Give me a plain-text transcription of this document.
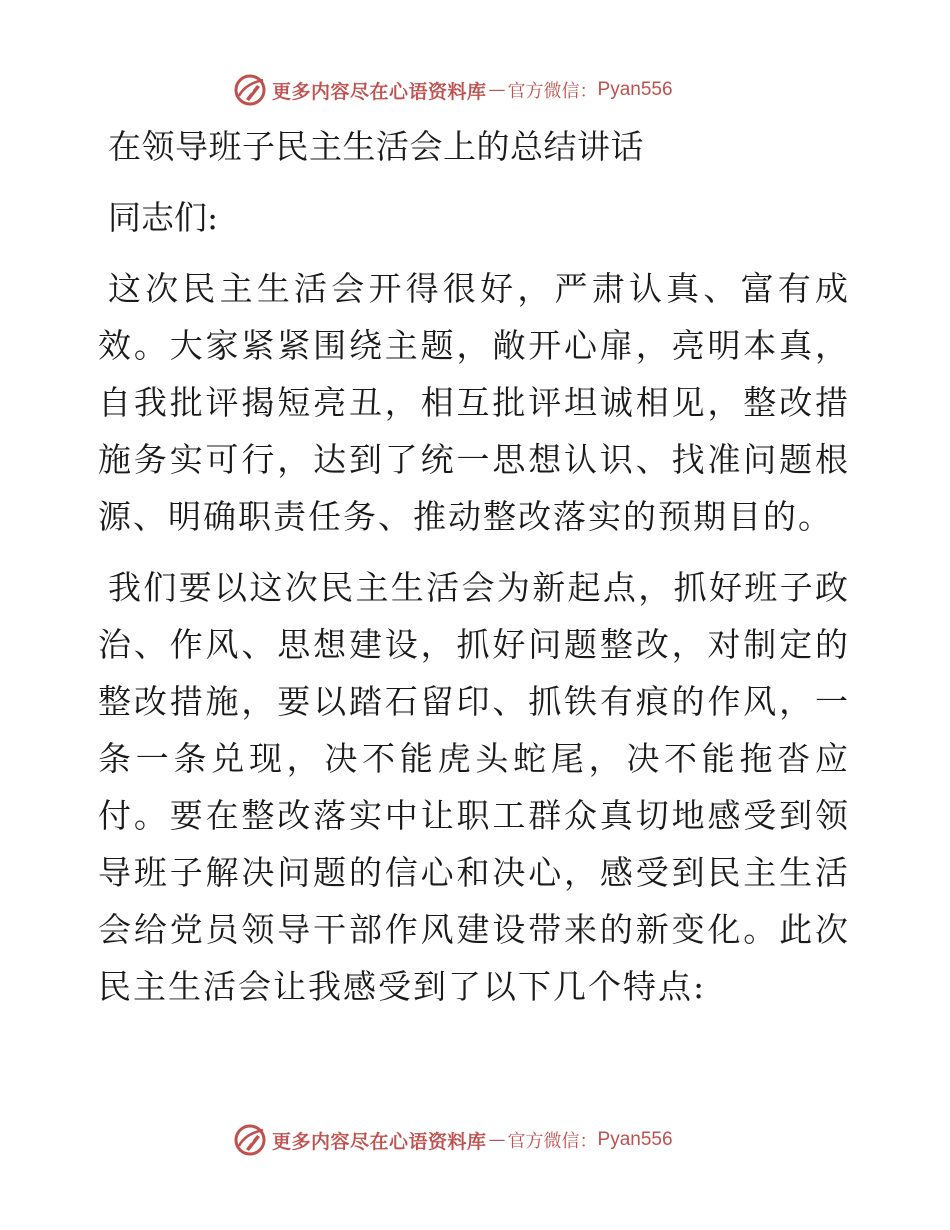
更多内容尽在心语资料库 — 官方微信： Pyan556
在领导班子民主生活会上的总结讲话

同志们:

这次民主生活会开得很好，严肃认真、富有成效。大家紧紧围绕主题，敞开心扉，亮明本真，自我批评揭短亮丑，相互批评坦诚相见，整改措施务实可行，达到了统一思想认识、找准问题根源、明确职责任务、推动整改落实的预期目的。

我们要以这次民主生活会为新起点，抓好班子政治、作风、思想建设，抓好问题整改，对制定的整改措施，要以踏石留印、抓铁有痕的作风，一条一条兑现，决不能虎头蛇尾，决不能拖沓应付。要在整改落实中让职工群众真切地感受到领导班子解决问题的信心和决心，感受到民主生活会给党员领导干部作风建设带来的新变化。此次民主生活会让我感受到了以下几个特点:

更多内容尽在心语资料库 — 官方微信： Pyan556
